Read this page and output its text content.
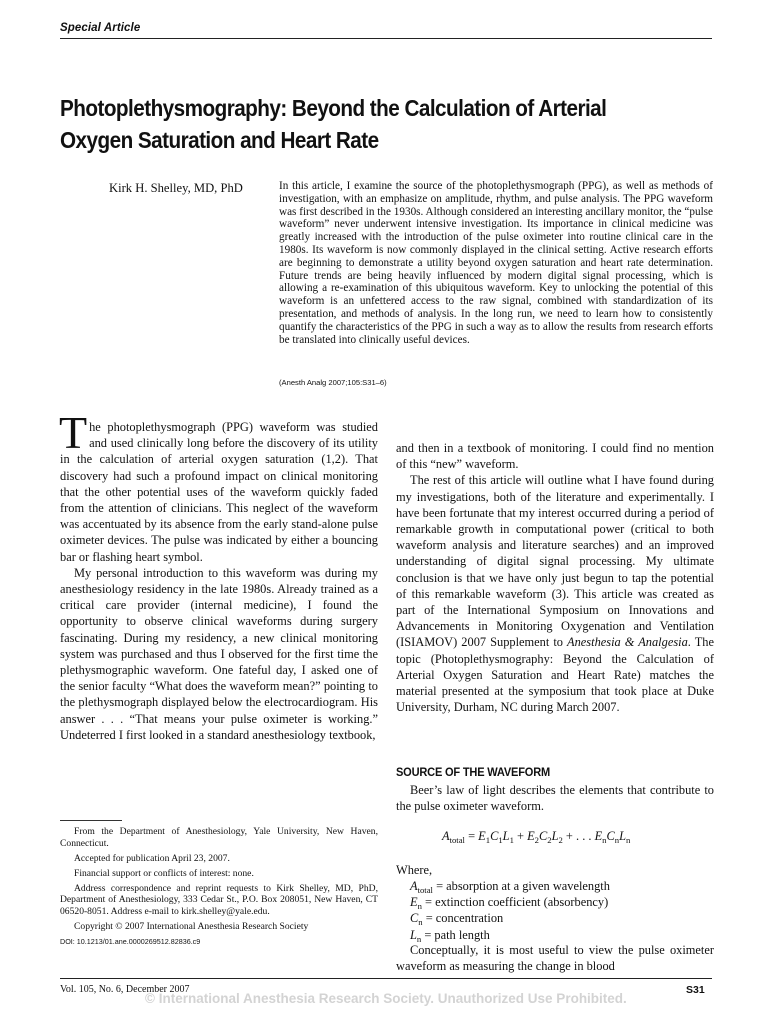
Special Article
Photoplethysmography: Beyond the Calculation of Arterial Oxygen Saturation and Heart Rate
Kirk H. Shelley, MD, PhD	In this article, I examine the source of the photoplethysmograph (PPG), as well as methods of investigation, with an emphasize on amplitude, rhythm, and pulse analysis. The PPG waveform was first described in the 1930s. Although considered an interesting ancillary monitor, the “pulse waveform” never underwent intensive investigation. Its importance in clinical medicine was greatly increased with the introduction of the pulse oximeter into routine clinical care in the 1980s. Its waveform is now commonly displayed in the clinical setting. Active research efforts are beginning to demonstrate a utility beyond oxygen saturation and heart rate determination. Future trends are being heavily influenced by modern digital signal processing, which is allowing a re-examination of this ubiquitous waveform. Key to unlocking the potential of this waveform is an unfettered access to the raw signal, combined with standardization of its presentation, and methods of analysis. In the long run, we need to learn how to consistently quantify the characteristics of the PPG in such a way as to allow the results from research efforts be translated into clinically useful devices.

(Anesth Analg 2007;105:S31–6)

The photoplethysmograph (PPG) waveform was studied and used clinically long before the discovery of its utility in the calculation of arterial oxygen saturation (1,2). That discovery had such a profound impact on clinical monitoring that the other potential uses of the waveform quickly faded from the attention of clinicians. This neglect of the waveform was accentuated by its absence from the early stand-alone pulse oximeter devices. The pulse was indicated by either a bouncing bar or flashing heart symbol.

My personal introduction to this waveform was during my anesthesiology residency in the late 1980s. Already trained as a critical care provider (internal medicine), I found the opportunity to observe clinical waveforms during surgery fascinating. During my residency, a new clinical monitoring system was purchased and thus I observed for the first time the plethysmographic waveform. One fateful day, I asked one of the senior faculty “What does the waveform mean?” pointing to the plethysmograph displayed below the electrocardiogram. His answer . . . “That means your pulse oximeter is working.” Undeterred I first looked in a standard anesthesiology textbook,

From the Department of Anesthesiology, Yale University, New Haven, Connecticut.

Accepted for publication April 23, 2007.

Financial support or conflicts of interest: none.

Address correspondence and reprint requests to Kirk Shelley, MD, PhD, Department of Anesthesiology, 333 Cedar St., P.O. Box 208051, New Haven, CT 06520-8051. Address e-mail to kirk.shelley@yale.edu.

Copyright © 2007 International Anesthesia Research Society

DOI: 10.1213/01.ane.0000269512.82836.c9

and then in a textbook of monitoring. I could find no mention of this “new” waveform.

The rest of this article will outline what I have found during my investigations, both of the literature and experimentally. I have been fortunate that my interest occurred during a period of remarkable growth in computational power (critical to both waveform analysis and literature searches) and an improved understanding of digital signal processing. My ultimate conclusion is that we have only just begun to tap the potential of this remarkable waveform (3). This article was created as part of the International Symposium on Innovations and Advancements in Monitoring Oxygenation and Ventilation (ISIAMOV) 2007 Supplement to Anesthesia & Analgesia. The topic (Photoplethysmography: Beyond the Calculation of Arterial Oxygen Saturation and Heart Rate) matches the material presented at the symposium that took place at Duke University, Durham, NC during March 2007.

SOURCE OF THE WAVEFORM

Beer’s law of light describes the elements that contribute to the pulse oximeter waveform.

$A_{total} = E_1C_1L_1 + E_2C_2L_2$ + . . . $E_nC_nL_n$

Where,

$A_{total}$ = absorption at a given wavelength
$E_n$ = extinction coefficient (absorbency)
$C_n$ = concentration
$L_n$ = path length

Conceptually, it is most useful to view the pulse oximeter waveform as measuring the change in blood

Vol. 105, No. 6, December 2007	S31
© International Anesthesia Research Society. Unauthorized Use Prohibited.
